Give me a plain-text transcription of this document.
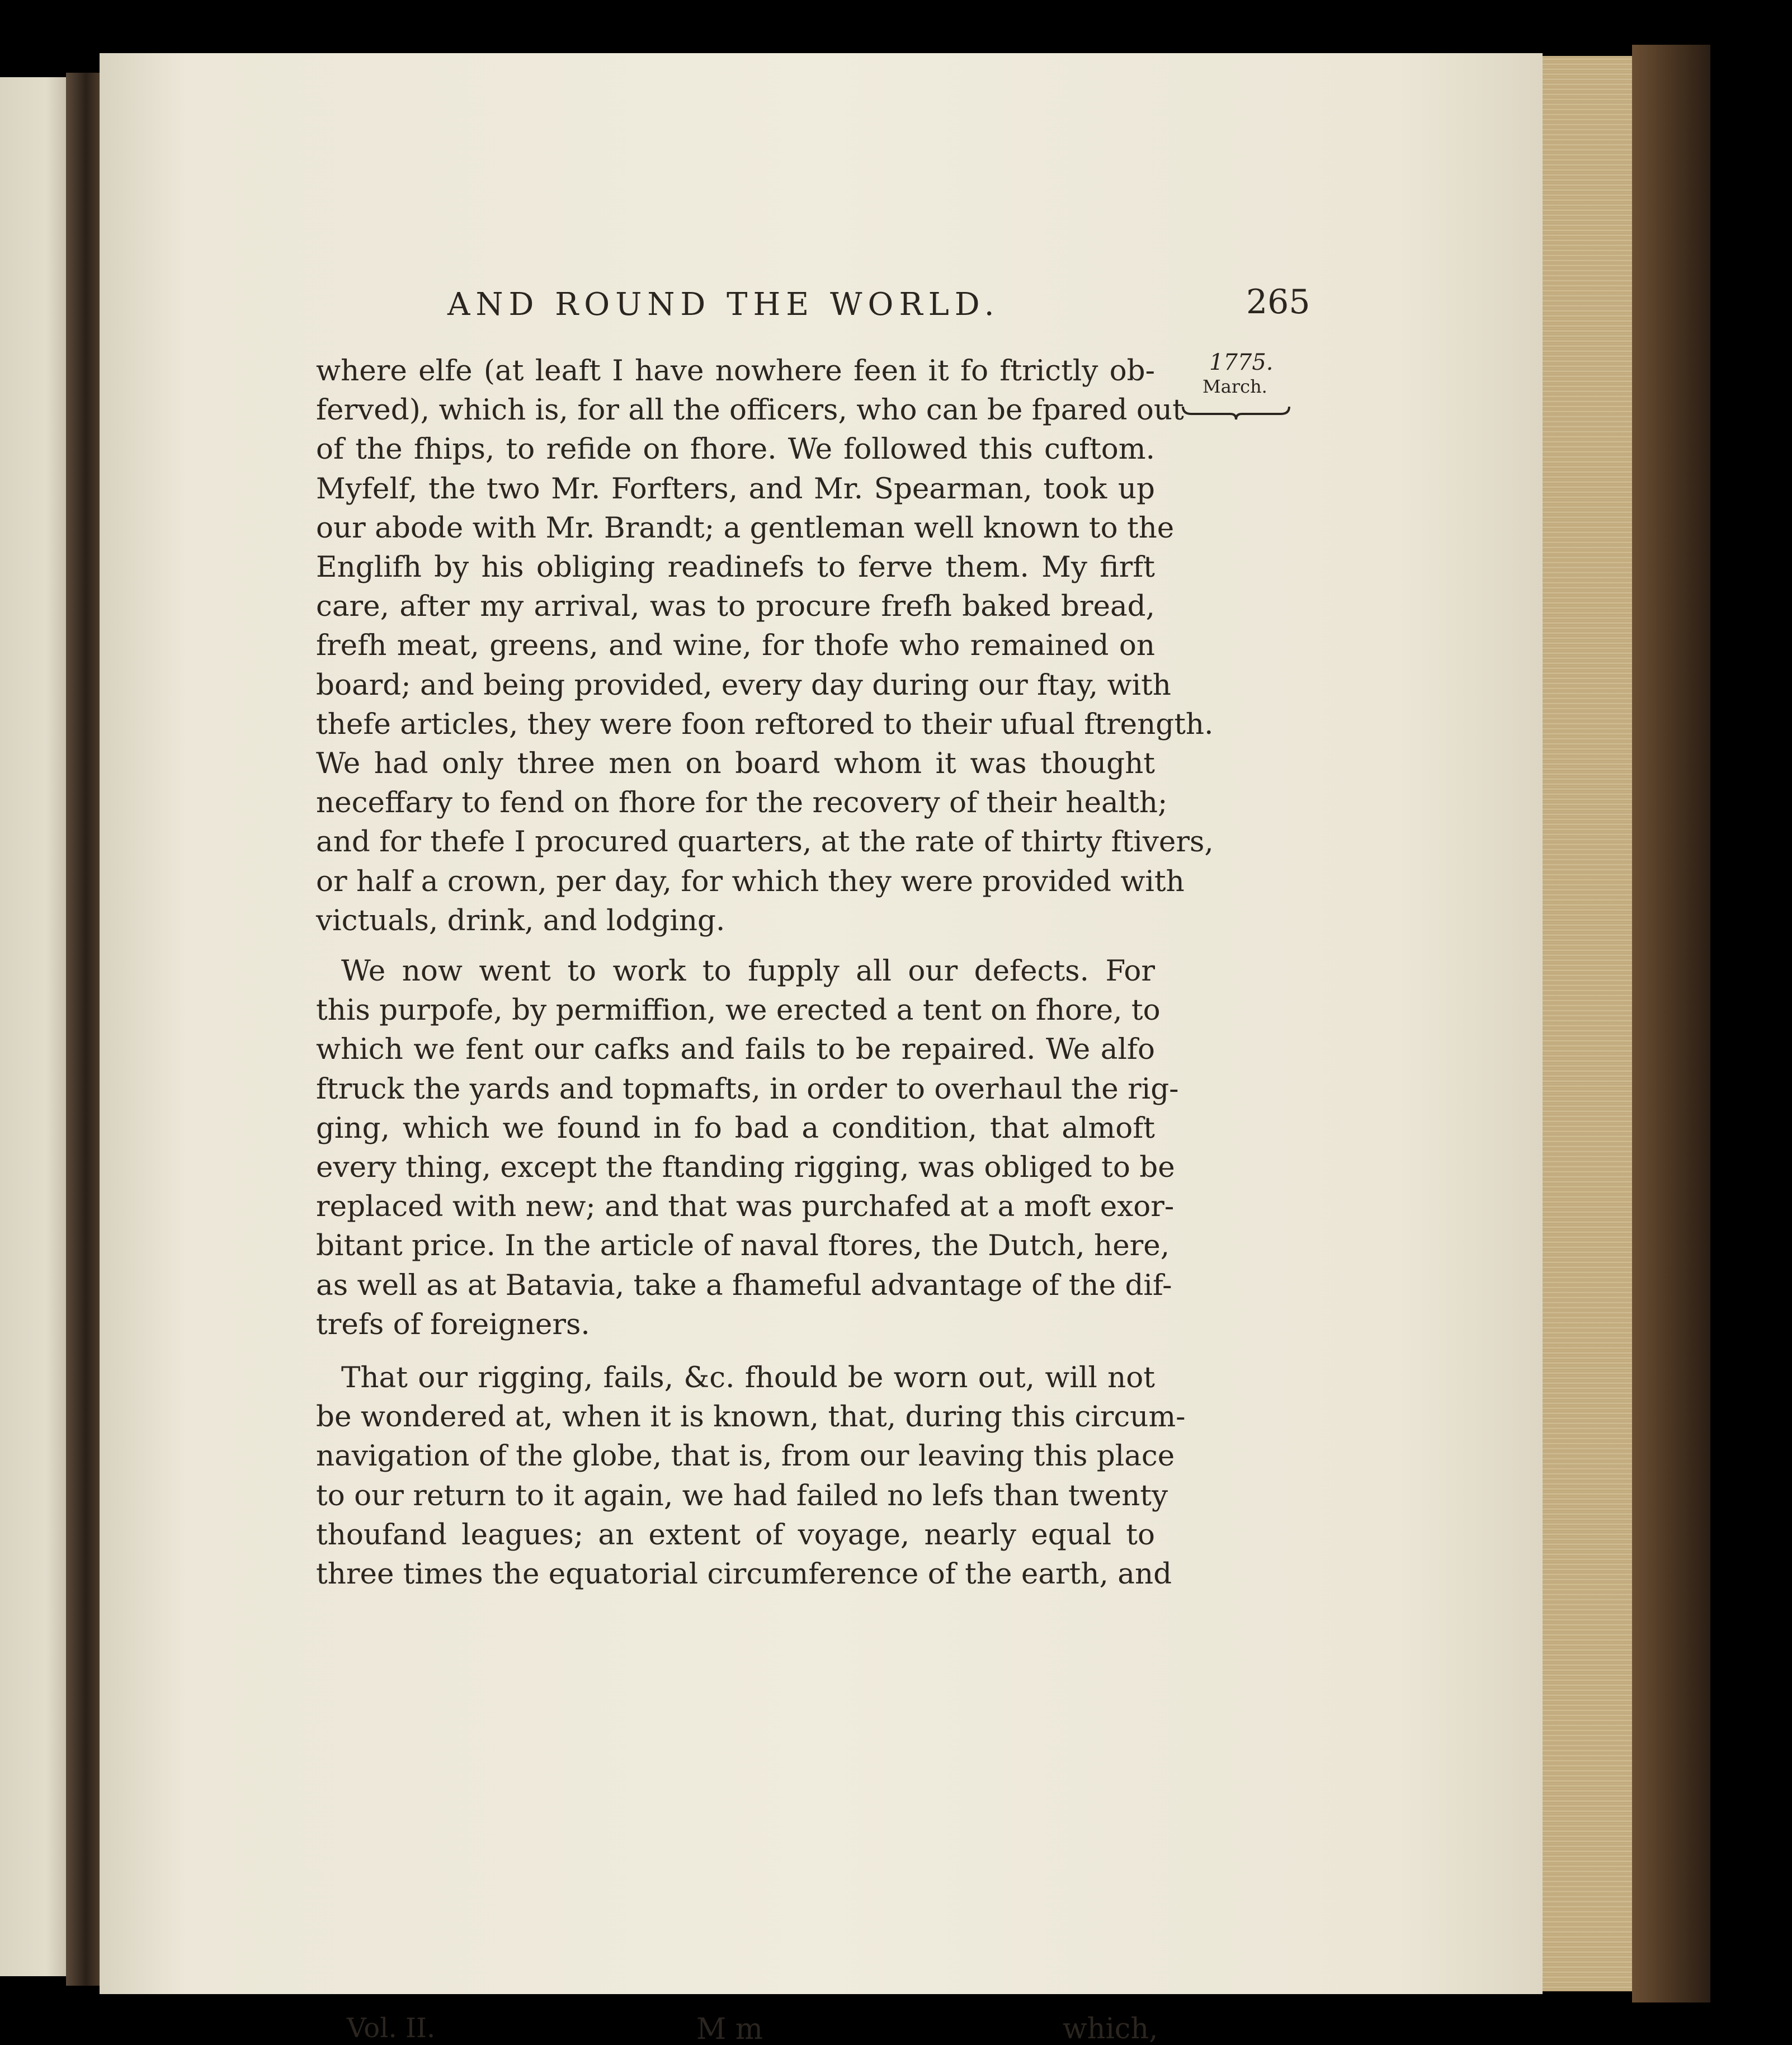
AND ROUND THE WORLD.	265
1775.
March.
where elfe (at leaft I have nowhere feen it fo ftrictly ob-
ferved), which is, for all the officers, who can be fpared out
of the fhips, to refide on fhore. We followed this cuftom.
Myfelf, the two Mr. Forfters, and Mr. Spearman, took up
our abode with Mr. Brandt; a gentleman well known to the
Englifh by his obliging readinefs to ferve them. My firft
care, after my arrival, was to procure frefh baked bread,
frefh meat, greens, and wine, for thofe who remained on
board; and being provided, every day during our ftay, with
thefe articles, they were foon reftored to their ufual ftrength.
We had only three men on board whom it was thought
neceffary to fend on fhore for the recovery of their health;
and for thefe I procured quarters, at the rate of thirty ftivers,
or half a crown, per day, for which they were provided with
victuals, drink, and lodging.
We now went to work to fupply all our defects. For
this purpofe, by permiffion, we erected a tent on fhore, to
which we fent our cafks and fails to be repaired. We alfo
ftruck the yards and topmafts, in order to overhaul the rig-
ging, which we found in fo bad a condition, that almoft
every thing, except the ftanding rigging, was obliged to be
replaced with new; and that was purchafed at a moft exor-
bitant price. In the article of naval ftores, the Dutch, here,
as well as at Batavia, take a fhameful advantage of the dif-
trefs of foreigners.
That our rigging, fails, &c. fhould be worn out, will not
be wondered at, when it is known, that, during this circum-
navigation of the globe, that is, from our leaving this place
to our return to it again, we had failed no lefs than twenty
thoufand leagues; an extent of voyage, nearly equal to
three times the equatorial circumference of the earth, and
Vol. II.	M m	which,
